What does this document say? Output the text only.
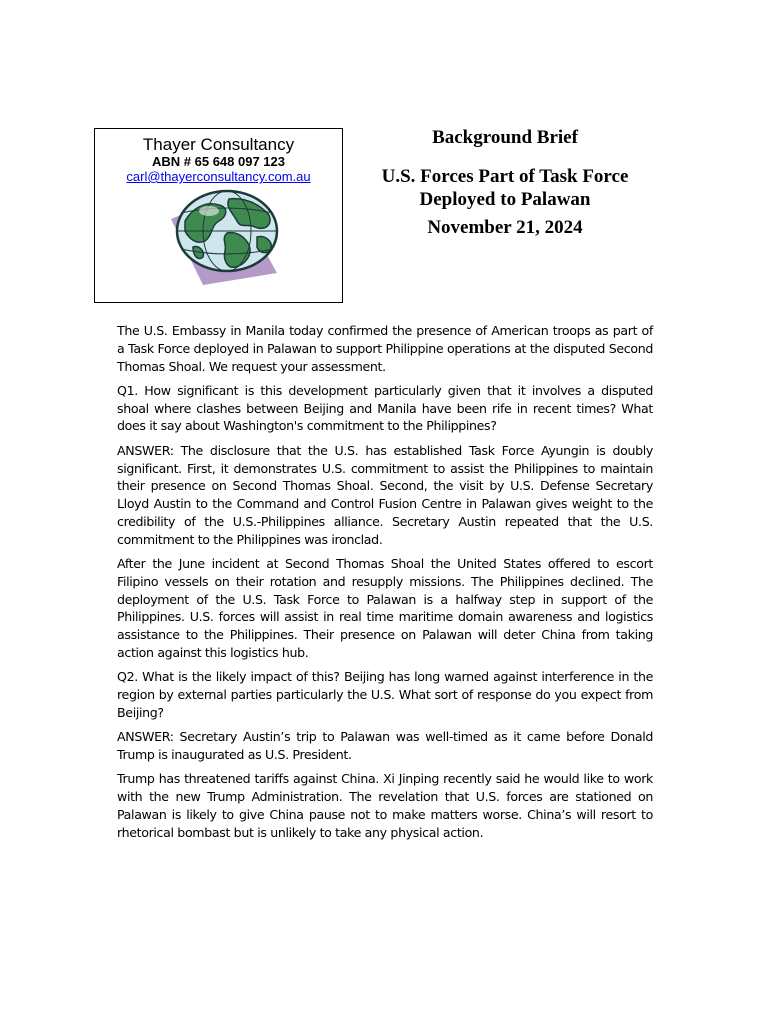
Thayer Consultancy
ABN # 65 648 097 123
carl@thayerconsultancy.com.au
Background Brief
U.S. Forces Part of Task Force
Deployed to Palawan
November 21, 2024

The U.S. Embassy in Manila today confirmed the presence of American troops as part of a Task Force deployed in Palawan to support Philippine operations at the disputed Second Thomas Shoal. We request your assessment.

Q1. How significant is this development particularly given that it involves a disputed shoal where clashes between Beijing and Manila have been rife in recent times? What does it say about Washington's commitment to the Philippines?

ANSWER: The disclosure that the U.S. has established Task Force Ayungin is doubly significant. First, it demonstrates U.S. commitment to assist the Philippines to maintain their presence on Second Thomas Shoal. Second, the visit by U.S. Defense Secretary Lloyd Austin to the Command and Control Fusion Centre in Palawan gives weight to the credibility of the U.S.-Philippines alliance. Secretary Austin repeated that the U.S. commitment to the Philippines was ironclad.

After the June incident at Second Thomas Shoal the United States offered to escort Filipino vessels on their rotation and resupply missions. The Philippines declined. The deployment of the U.S. Task Force to Palawan is a halfway step in support of the Philippines. U.S. forces will assist in real time maritime domain awareness and logistics assistance to the Philippines. Their presence on Palawan will deter China from taking action against this logistics hub.

Q2. What is the likely impact of this? Beijing has long warned against interference in the region by external parties particularly the U.S. What sort of response do you expect from Beijing?

ANSWER: Secretary Austin’s trip to Palawan was well-timed as it came before Donald Trump is inaugurated as U.S. President.

Trump has threatened tariffs against China. Xi Jinping recently said he would like to work with the new Trump Administration. The revelation that U.S. forces are stationed on Palawan is likely to give China pause not to make matters worse. China’s will resort to rhetorical bombast but is unlikely to take any physical action.
